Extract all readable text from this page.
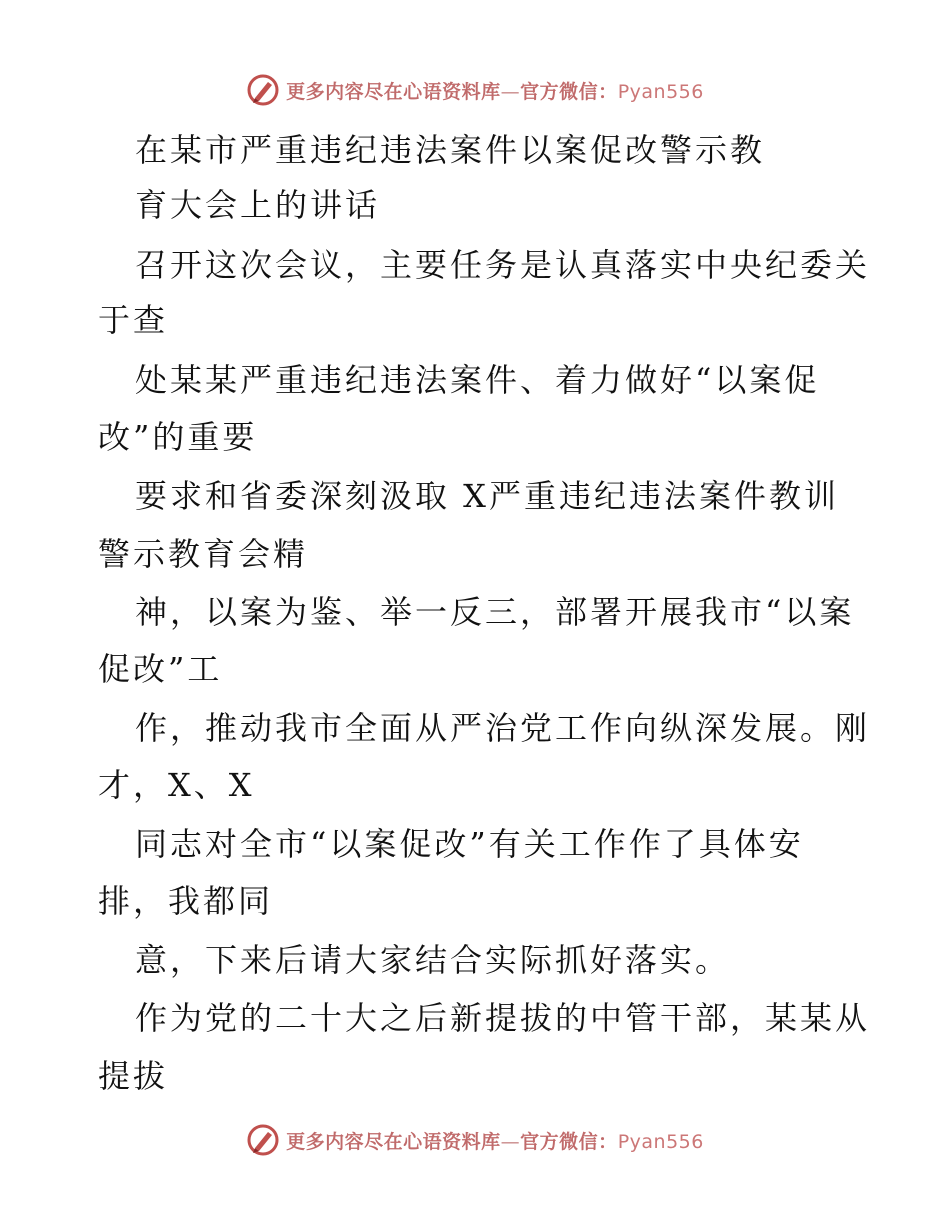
更多内容尽在心语资料库—官方微信：Pyan556
在某市严重违纪违法案件以案促改警示教
育大会上的讲话
召开这次会议，主要任务是认真落实中央纪委关
于查
处某某严重违纪违法案件、着力做好“以案促
改”的重要
要求和省委深刻汲取 X严重违纪违法案件教训
警示教育会精
神，以案为鉴、举一反三，部署开展我市“以案
促改”工
作，推动我市全面从严治党工作向纵深发展。刚
才，X、X
同志对全市“以案促改”有关工作作了具体安
排，我都同
意，下来后请大家结合实际抓好落实。
作为党的二十大之后新提拔的中管干部，某某从
提拔
更多内容尽在心语资料库—官方微信：Pyan556
